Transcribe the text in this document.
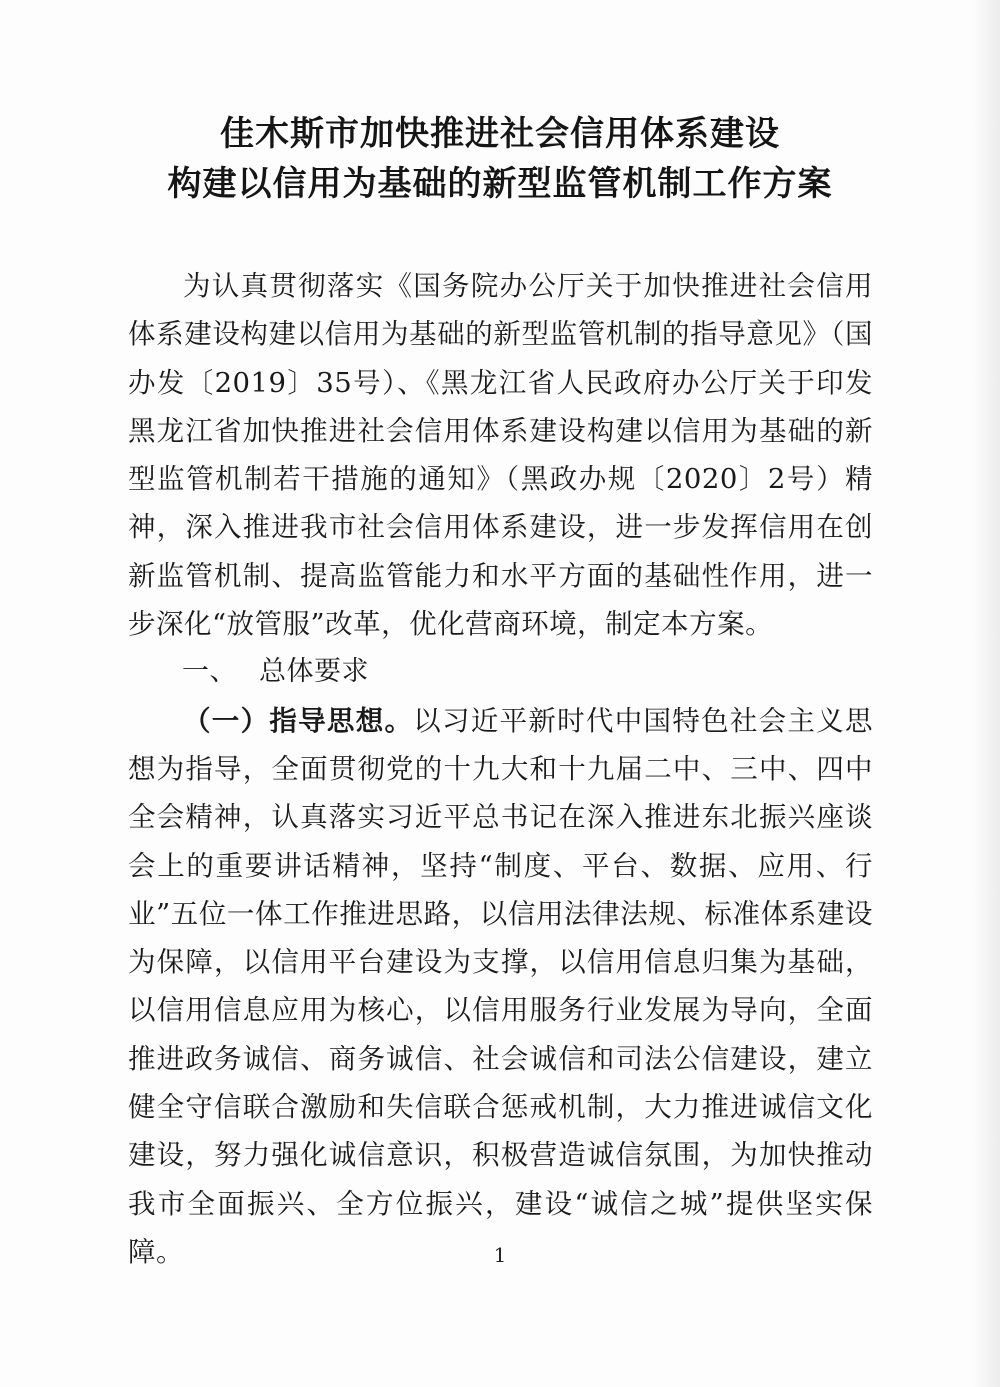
佳木斯市加快推进社会信用体系建设
构建以信用为基础的新型监管机制工作方案

为认真贯彻落实《国务院办公厅关于加快推进社会信用体系建设构建以信用为基础的新型监管机制的指导意见》（国办发〔2019〕35号）、《黑龙江省人民政府办公厅关于印发黑龙江省加快推进社会信用体系建设构建以信用为基础的新型监管机制若干措施的通知》（黑政办规〔2020〕2号）精神，深入推进我市社会信用体系建设，进一步发挥信用在创新监管机制、提高监管能力和水平方面的基础性作用，进一步深化“放管服”改革，优化营商环境，制定本方案。

一、 总体要求

（一）指导思想。以习近平新时代中国特色社会主义思想为指导，全面贯彻党的十九大和十九届二中、三中、四中全会精神，认真落实习近平总书记在深入推进东北振兴座谈会上的重要讲话精神，坚持“制度、平台、数据、应用、行业”五位一体工作推进思路，以信用法律法规、标准体系建设为保障，以信用平台建设为支撑，以信用信息归集为基础，以信用信息应用为核心，以信用服务行业发展为导向，全面推进政务诚信、商务诚信、社会诚信和司法公信建设，建立健全守信联合激励和失信联合惩戒机制，大力推进诚信文化建设，努力强化诚信意识，积极营造诚信氛围，为加快推动我市全面振兴、全方位振兴，建设“诚信之城”提供坚实保障。	1
